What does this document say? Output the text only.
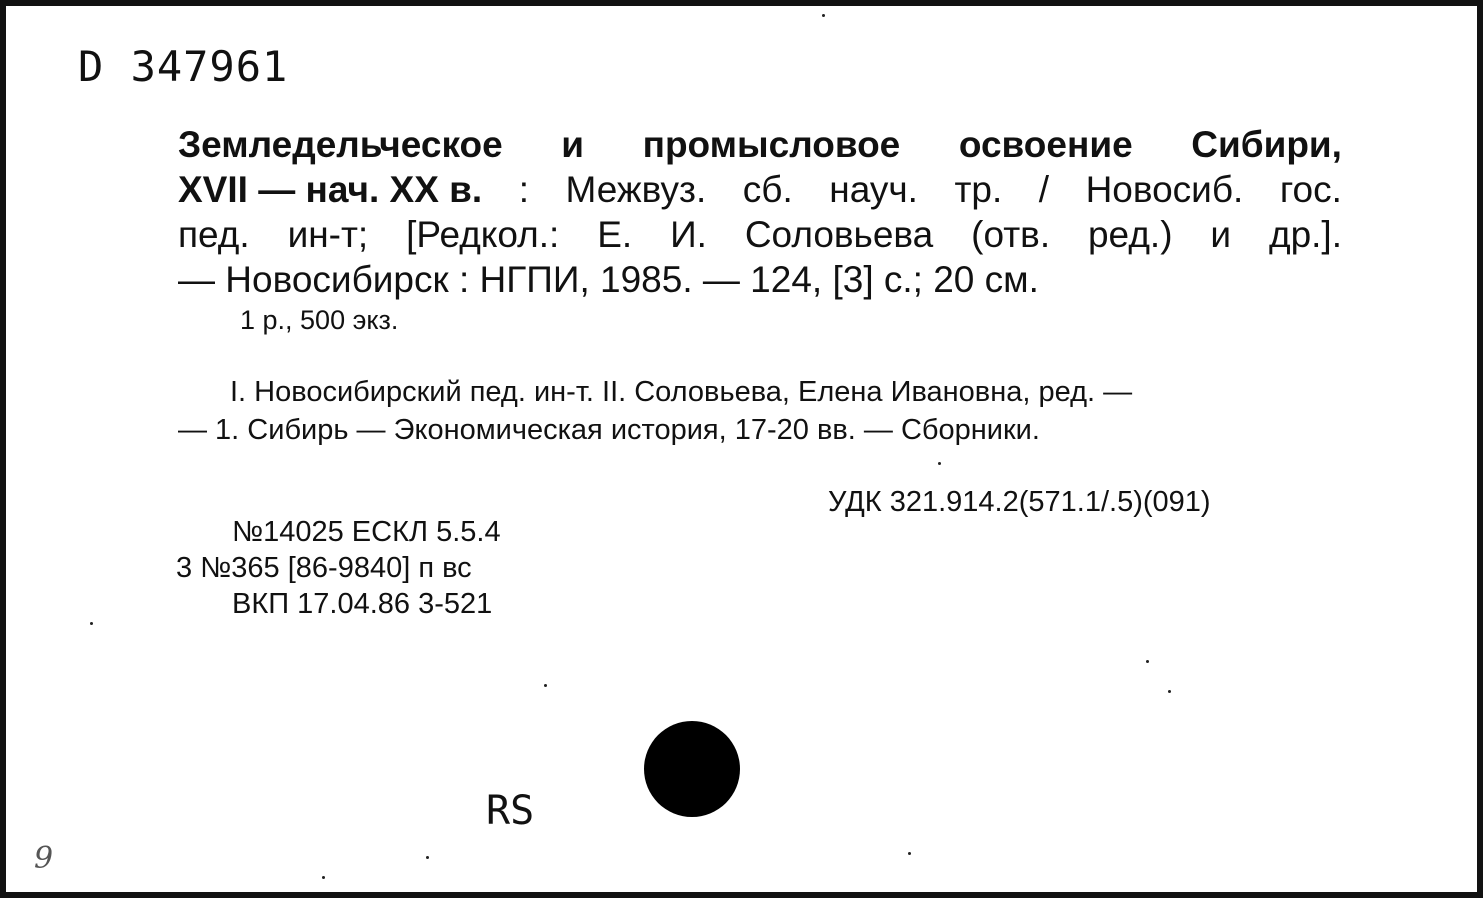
D 347961
Земледельческое и промысловое освоение Сибири,
XVII — нач. XX в. : Межвуз. сб. науч. тр. / Новосиб. гос.
пед. ин-т; [Редкол.: Е. И. Соловьева (отв. ред.) и др.].
— Новосибирск : НГПИ, 1985. — 124, [3] с.; 20 см.
1 р., 500 экз.
I. Новосибирский пед. ин-т. II. Соловьева, Елена Ивановна, ред. —
— 1. Сибирь — Экономическая история, 17-20 вв. — Сборники.
УДК 321.914.2(571.1/.5)(091)
№14025 ЕСКЛ 5.5.4
3 №365 [86-9840] п вс
ВКП 17.04.86 3-521
RS
9
